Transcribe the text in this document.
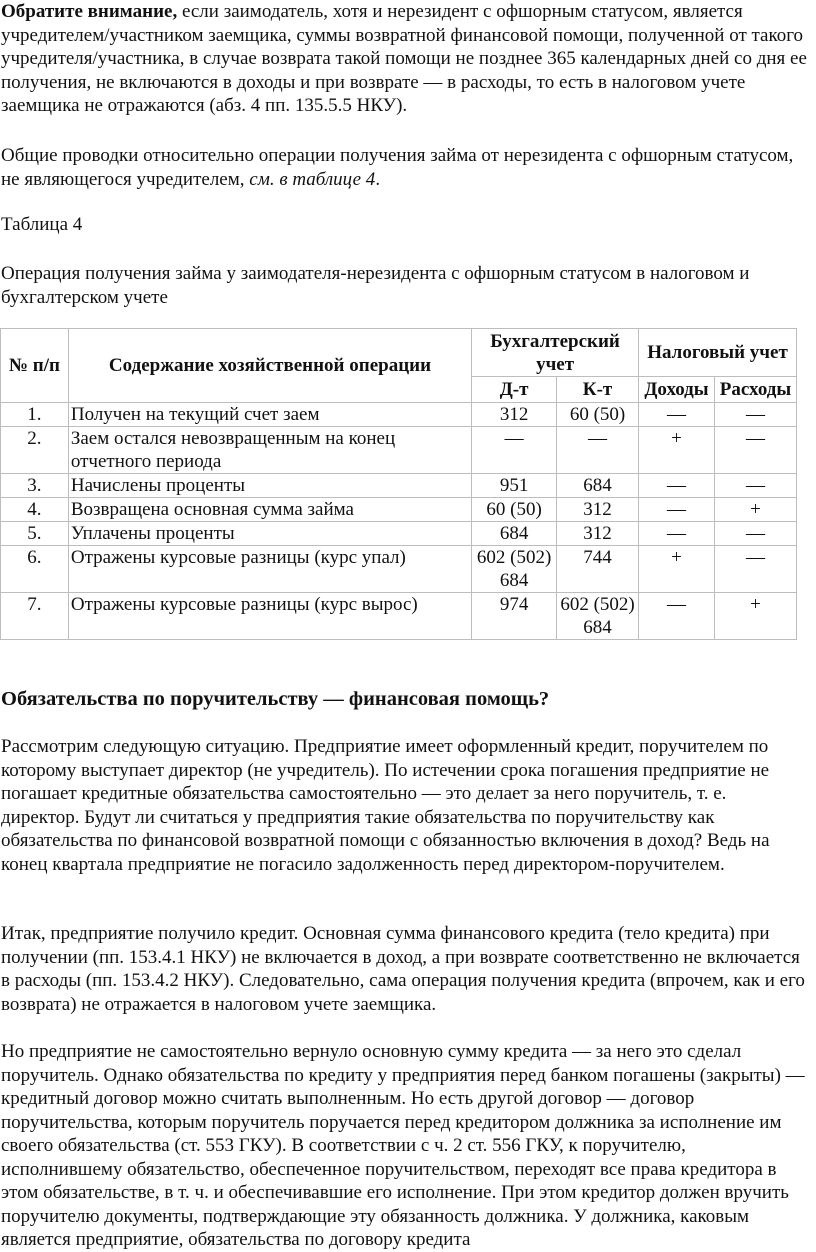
Обратите внимание, если заимодатель, хотя и нерезидент с офшорным статусом, является учредителем/участником заемщика, суммы возвратной финансовой помощи, полученной от такого учредителя/участника, в случае возврата такой помощи не позднее 365 календарных дней со дня ее получения, не включаются в доходы и при возврате — в расходы, то есть в налоговом учете заемщика не отражаются (абз. 4 пп. 135.5.5 НКУ).

Общие проводки относительно операции получения займа от нерезидента с офшорным статусом, не являющегося учредителем, см. в таблице 4.

Таблица 4

Операция получения займа у заимодателя-нерезидента с офшорным статусом в налоговом и бухгалтерском учете

№ п/п	Содержание хозяйственной операции	Бухгалтерский учет		Налоговый учет	
		Д-т	К-т	Доходы	Расходы
1.	Получен на текущий счет заем	312	60 (50)	—	—
2.	Заем остался невозвращенным на конец отчетного периода	—	—	+	—
3.	Начислены проценты	951	684	—	—
4.	Возвращена основная сумма займа	60 (50)	312	—	+
5.	Уплачены проценты	684	312	—	—
6.	Отражены курсовые разницы (курс упал)	602 (502) 684	744	+	—
7.	Отражены курсовые разницы (курс вырос)	974	602 (502) 684	—	+

Обязательства по поручительству — финансовая помощь?

Рассмотрим следующую ситуацию. Предприятие имеет оформленный кредит, поручителем по которому выступает директор (не учредитель). По истечении срока погашения предприятие не погашает кредитные обязательства самостоятельно — это делает за него поручитель, т. е. директор. Будут ли считаться у предприятия такие обязательства по поручительству как обязательства по финансовой возвратной помощи с обязанностью включения в доход? Ведь на конец квартала предприятие не погасило задолженность перед директором-поручителем.

Итак, предприятие получило кредит. Основная сумма финансового кредита (тело кредита) при получении (пп. 153.4.1 НКУ) не включается в доход, а при возврате соответственно не включается в расходы (пп. 153.4.2 НКУ). Следовательно, сама операция получения кредита (впрочем, как и его возврата) не отражается в налоговом учете заемщика.

Но предприятие не самостоятельно вернуло основную сумму кредита — за него это сделал поручитель. Однако обязательства по кредиту у предприятия перед банком погашены (закрыты) — кредитный договор можно считать выполненным. Но есть другой договор — договор поручительства, которым поручитель поручается перед кредитором должника за исполнение им своего обязательства (ст. 553 ГКУ). В соответствии с ч. 2 ст. 556 ГКУ, к поручителю, исполнившему обязательство, обеспеченное поручительством, переходят все права кредитора в этом обязательстве, в т. ч. и обеспечивавшие его исполнение. При этом кредитор должен вручить поручителю документы, подтверждающие эту обязанность должника. У должника, каковым является предприятие, обязательства по договору кредита
